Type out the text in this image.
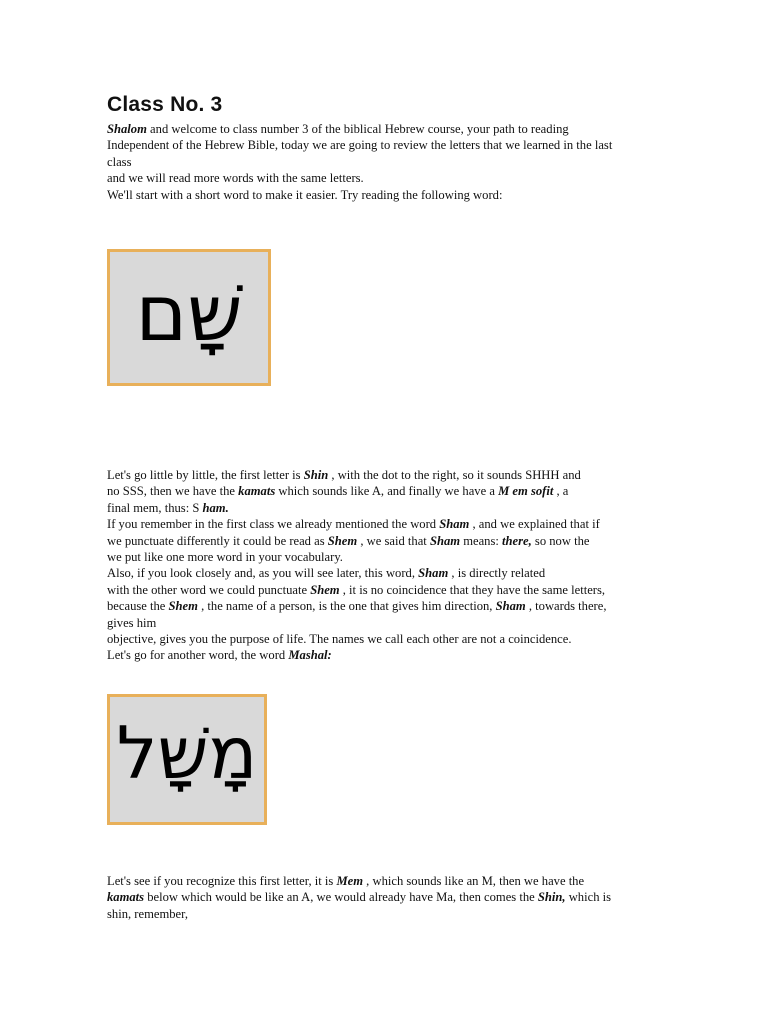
Class No. 3
Shalom and welcome to class number 3 of the biblical Hebrew course, your path to reading
Independent of the Hebrew Bible, today we are going to review the letters that we learned in the last
class
and we will read more words with the same letters.
We'll start with a short word to make it easier. Try reading the following word:
שָׁם
Let's go little by little, the first letter is Shin , with the dot to the right, so it sounds SHHH and
no SSS, then we have the kamats which sounds like A, and finally we have a M em sofit , a
final mem, thus: S ham.
If you remember in the first class we already mentioned the word Sham , and we explained that if
we punctuate differently it could be read as Shem , we said that Sham means: there, so now the
we put like one more word in your vocabulary.
Also, if you look closely and, as you will see later, this word, Sham , is directly related
with the other word we could punctuate Shem , it is no coincidence that they have the same letters,
because the Shem , the name of a person, is the one that gives him direction, Sham , towards there,
gives him
objective, gives you the purpose of life. The names we call each other are not a coincidence.
Let's go for another word, the word Mashal:
מָשָׁל
Let's see if you recognize this first letter, it is Mem , which sounds like an M, then we have the
kamats below which would be like an A, we would already have Ma, then comes the Shin, which is
shin, remember,
